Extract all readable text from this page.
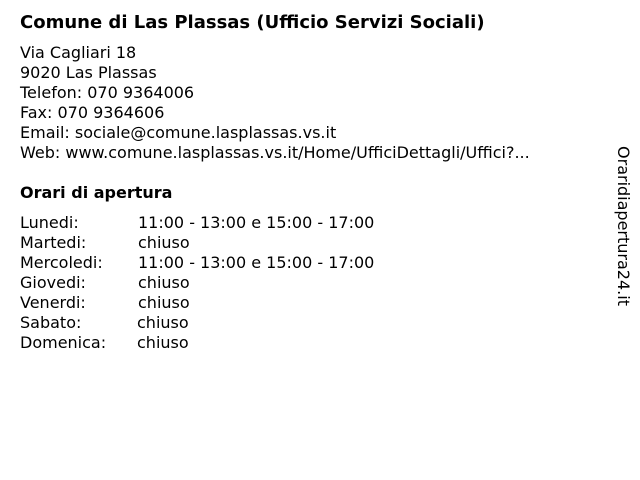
Comune di Las Plassas (Ufficio Servizi Sociali)
Via Cagliari 18
9020 Las Plassas
Telefon: 070 9364006
Fax: 070 9364606
Email: sociale@comune.lasplassas.vs.it
Web: www.comune.lasplassas.vs.it/Home/UfficiDettagli/Uffici?...
Orari di apertura
Lunedi:	11:00 - 13:00 e 15:00 - 17:00
Martedi:	chiuso
Mercoledi: 11:00 - 13:00 e 15:00 - 17:00
Giovedi:	chiuso
Venerdi:	chiuso
Sabato:	chiuso
Domenica: chiuso
Oraridiapertura24.it
